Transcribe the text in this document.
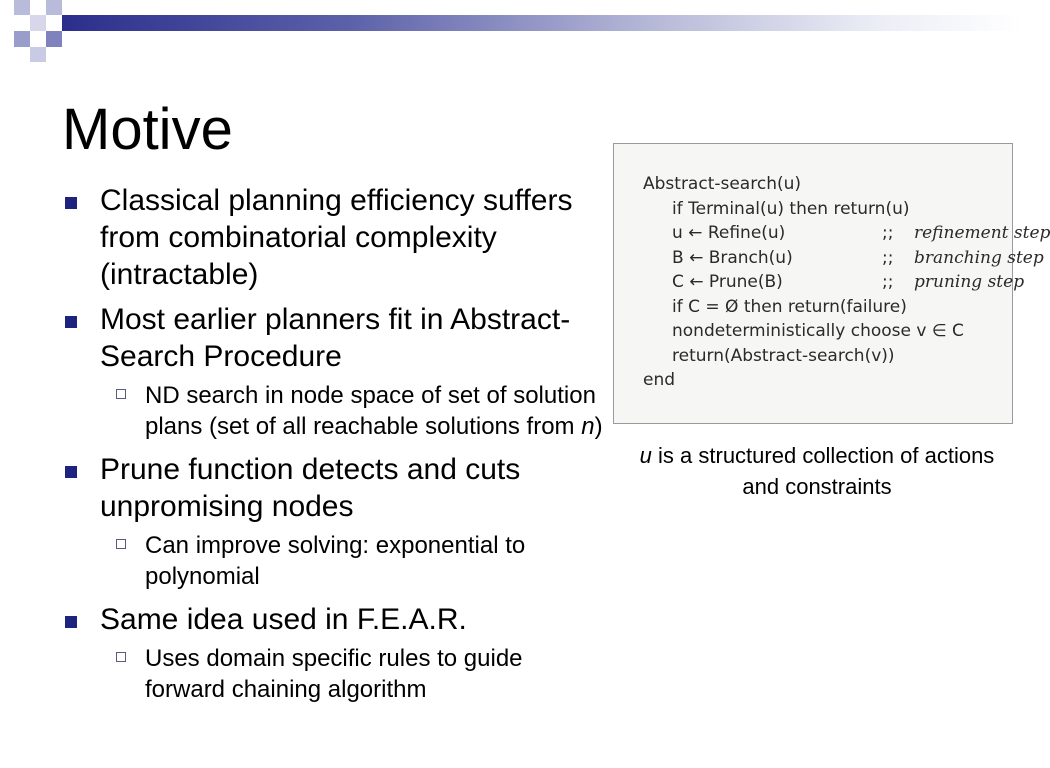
Motive
Classical planning efficiency suffers from combinatorial complexity (intractable)
Most earlier planners fit in Abstract-Search Procedure
ND search in node space of set of solution plans (set of all reachable solutions from n)
Prune function detects and cuts unpromising nodes
Can improve solving: exponential to polynomial
Same idea used in F.E.A.R.
Uses domain specific rules to guide forward chaining algorithm
Abstract-search(u)
if Terminal(u) then return(u)
u ← Refine(u)	;; refinement step
B ← Branch(u)	;; branching step
C ← Prune(B)	;; pruning step
if C = Ø then return(failure)
nondeterministically choose v ∈ C
return(Abstract-search(v))
end
u is a structured collection of actions and constraints
